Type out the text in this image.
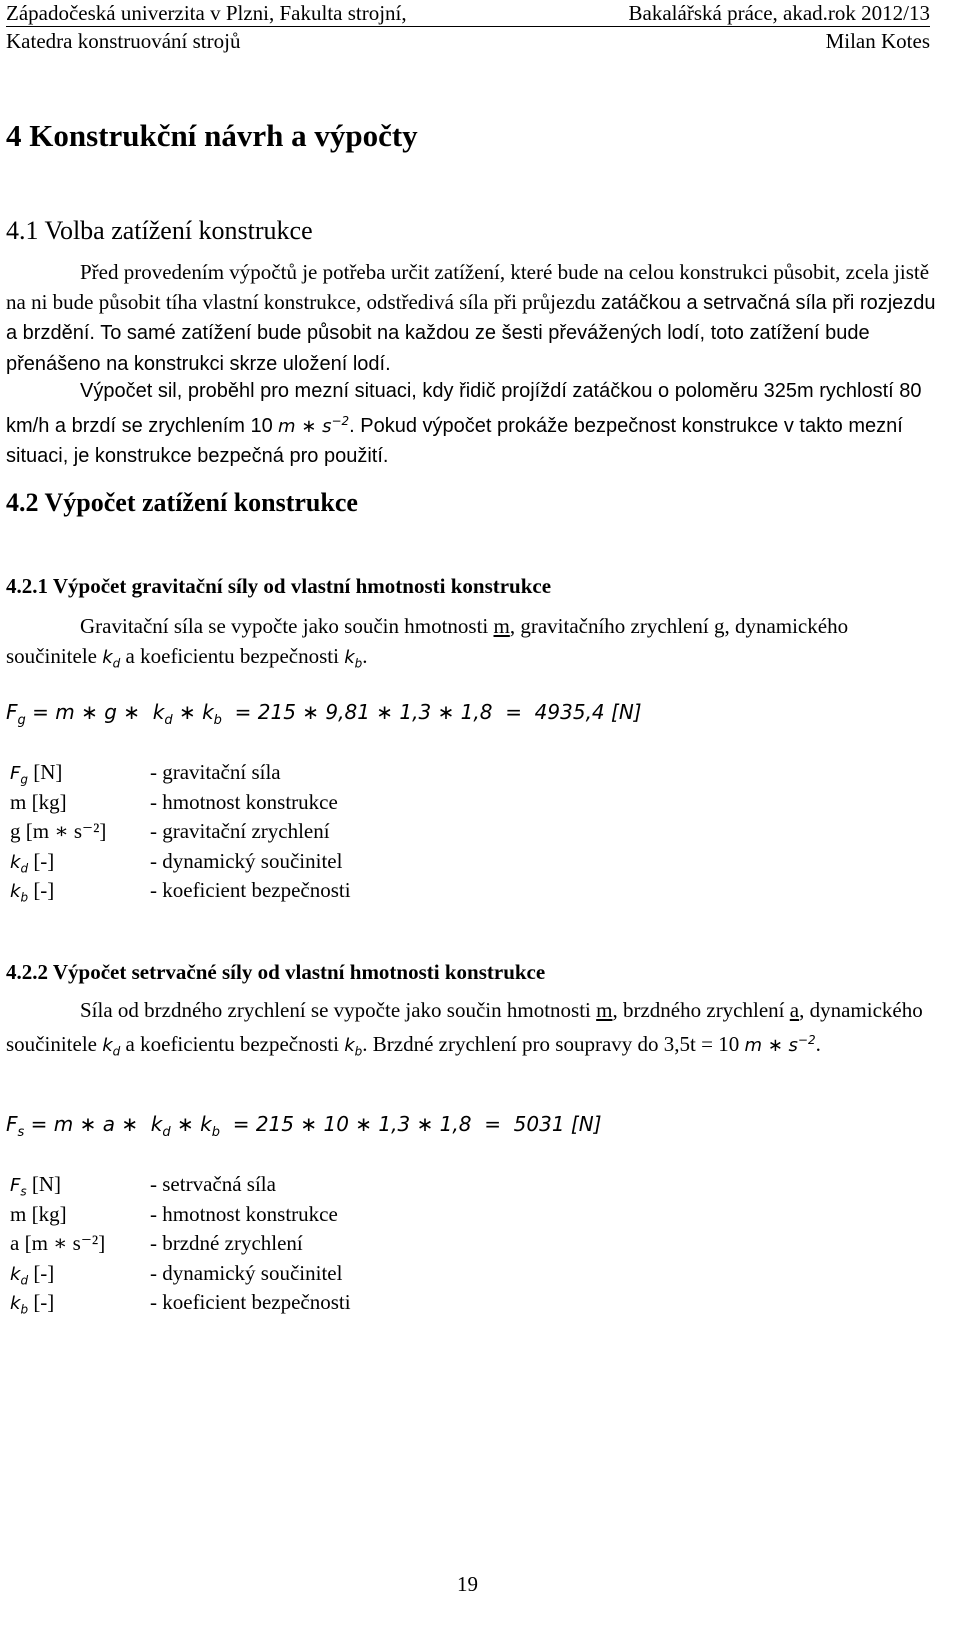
Západočeská univerzita v Plzni, Fakulta strojní,	Bakalářská práce, akad.rok 2012/13
Katedra konstruování strojů	Milan Kotes
4 Konstrukční návrh a výpočty
4.1 Volba zatížení konstrukce

Před provedením výpočtů je potřeba určit zatížení, které bude na celou konstrukci působit, zcela jistě na ni bude působit tíha vlastní konstrukce, odstředivá síla při průjezdu zatáčkou a setrvačná síla při rozjezdu a brzdění. To samé zatížení bude působit na každou ze šesti převážených lodí, toto zatížení bude přenášeno na konstrukci skrze uložení lodí.

Výpočet sil, proběhl pro mezní situaci, kdy řidič projíždí zatáčkou o poloměru 325m rychlostí 80 km/h a brzdí se zrychlením 10 m ∗ $s^{-2}$. Pokud výpočet prokáže bezpečnost konstrukce v takto mezní situaci, je konstrukce bezpečná pro použití.

4.2 Výpočet zatížení konstrukce
4.2.1 Výpočet gravitační síly od vlastní hmotnosti konstrukce

Gravitační síla se vypočte jako součin hmotnosti m, gravitačního zrychlení g, dynamického součinitele $k_d$ a koeficientu bezpečnosti $k_b$.

$F_g = m$ ∗ g ∗  $k_d$ ∗ $k_b = 215$ ∗ 9,81 ∗ 1,3 ∗ 1,8  =  4935,4 [N]
$F_g$ [N]	- gravitační síla
m [kg]	- hmotnost konstrukce
g [m ∗ s⁻²]	- gravitační zrychlení
$k_d$ [-]	- dynamický součinitel
$k_b$ [-]	- koeficient bezpečnosti
4.2.2 Výpočet setrvačné síly od vlastní hmotnosti konstrukce

Síla od brzdného zrychlení se vypočte jako součin hmotnosti m, brzdného zrychlení a, dynamického součinitele $k_d$ a koeficientu bezpečnosti $k_b$. Brzdné zrychlení pro soupravy do 3,5t = 10 m ∗ $s^{-2}$.

$F_s = m$ ∗ a ∗  $k_d$ ∗ $k_b = 215$ ∗ 10 ∗ 1,3 ∗ 1,8  =  5031 [N]
$F_s$ [N]	- setrvačná síla
m [kg]	- hmotnost konstrukce
a [m ∗ s⁻²]	- brzdné zrychlení
$k_d$ [-]	- dynamický součinitel
$k_b$ [-]	- koeficient bezpečnosti
19
